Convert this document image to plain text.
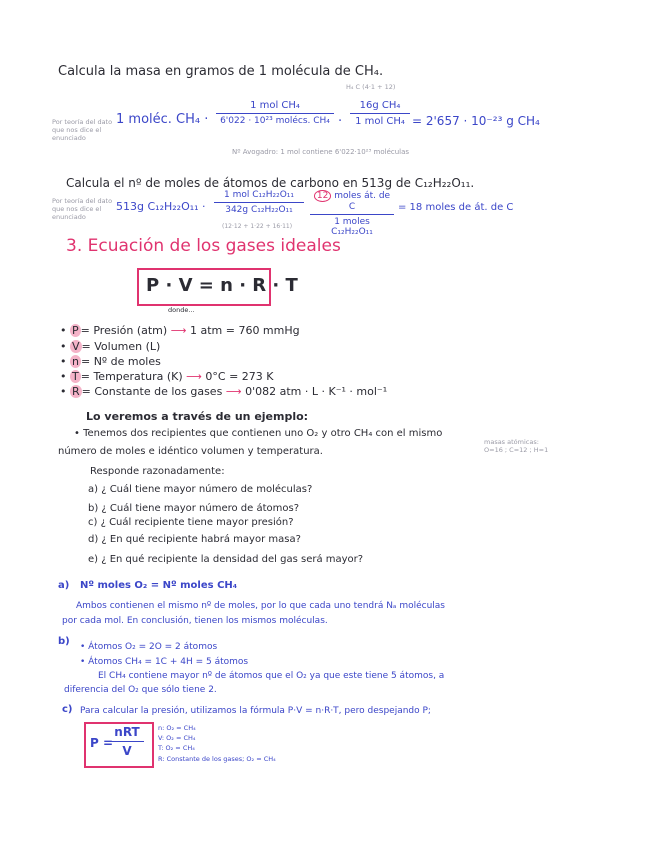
Calcula la masa en gramos de 1 molécula de CH₄.
Por teoría del dato que nos dice el enunciado
1 moléc. CH₄ ·
1 mol CH₄
6'022 · 10²³ molécs. CH₄ ·
H₄ C (4·1 + 12)
16g CH₄
1 mol CH₄ = 2'657 · 10⁻²³ g CH₄
Nº Avogadro: 1 mol contiene 6'022·10²³ moléculas
Calcula el nº de moles de átomos de carbono en 513g de C₁₂H₂₂O₁₁.
Por teoría del dato que nos dice el enunciado
513g C₁₂H₂₂O₁₁ ·
1 mol C₁₂H₂₂O₁₁
342g C₁₂H₂₂O₁₁
(12·12 + 1·22 + 16·11)
12 moles át. de C
1 moles C₁₂H₂₂O₁₁
= 18 moles de át. de C
3. Ecuación de los gases ideales
P · V = n · R · T
donde...
• P = Presión (atm) ⟶ 1 atm = 760 mmHg
• V = Volumen (L)
• n = Nº de moles
• T = Temperatura (K) ⟶ 0°C = 273 K
• R = Constante de los gases ⟶ 0'082 atm · L · K⁻¹ · mol⁻¹
Lo veremos a través de un ejemplo:
• Tenemos dos recipientes que contienen uno O₂ y otro CH₄ con el mismo
masas atómicas: O=16 ; C=12 ; H=1
número de moles e idéntico volumen y temperatura.
Responde razonadamente:
a) ¿ Cuál tiene mayor número de moléculas?
b) ¿ Cuál tiene mayor número de átomos?
c) ¿ Cuál recipiente tiene mayor presión?
d) ¿ En qué recipiente habrá mayor masa?
e) ¿ En qué recipiente la densidad del gas será mayor?
a) Nº moles O₂ = Nº moles CH₄
Ambos contienen el mismo nº de moles, por lo que cada uno tendrá Nₐ moléculas
por cada mol. En conclusión, tienen los mismos moléculas.
b) • Átomos O₂ = 2O = 2 átomos
• Átomos CH₄ = 1C + 4H = 5 átomos
El CH₄ contiene mayor nº de átomos que el O₂ ya que este tiene 5 átomos, a
diferencia del O₂ que sólo tiene 2.
c) Para calcular la presión, utilizamos la fórmula P·V = n·R·T, pero despejando P;
P =
nRT
V
n: O₂ = CH₄
V: O₂ = CH₄
T: O₂ = CH₄
R: Constante de los gases; O₂ = CH₄
